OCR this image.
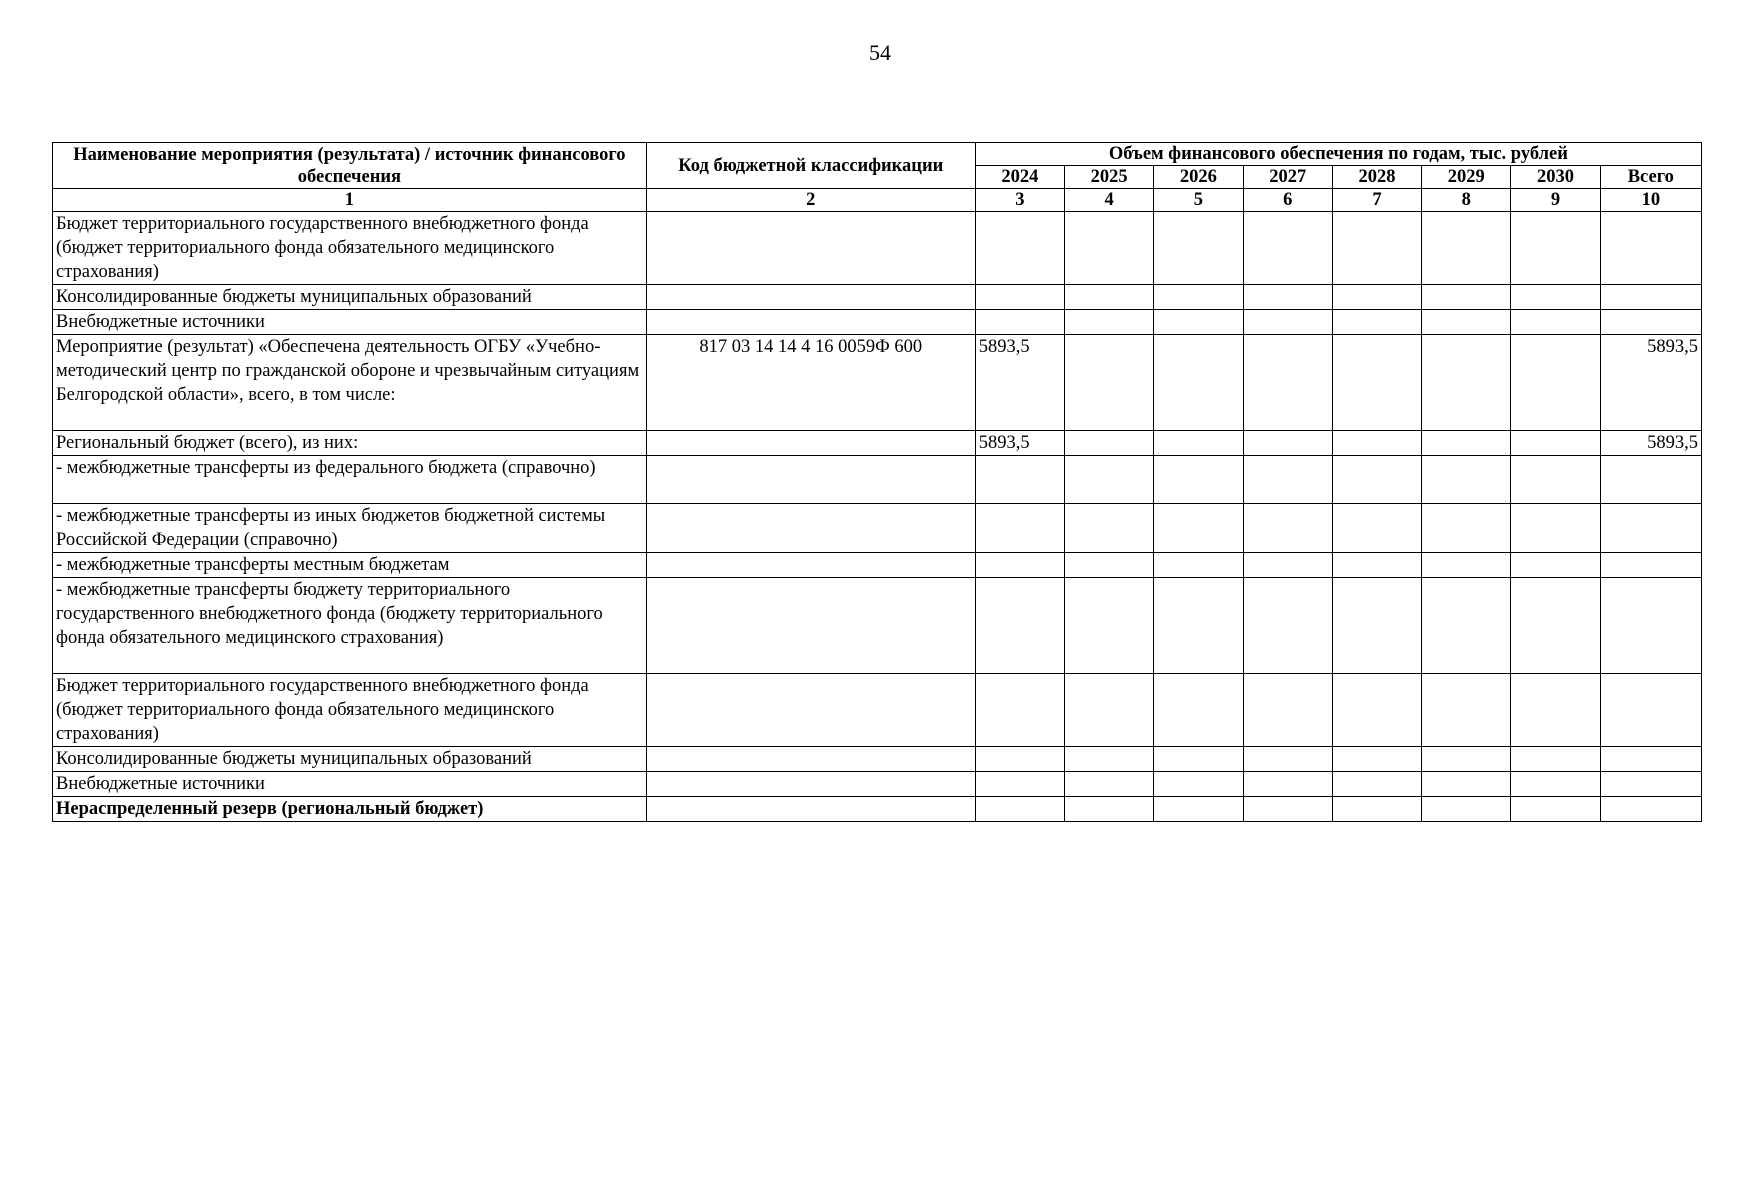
54
Наименование мероприятия (результата) / источник финансового обеспечения	Код бюджетной классификации	Объем финансового обеспечения по годам, тыс. рублей							
		2024	2025	2026	2027	2028	2029	2030	Всего
1	2	3	4	5	6	7	8	9	10
Бюджет территориального государственного внебюджетного фонда (бюджет территориального фонда обязательного медицинского страхования)									
Консолидированные бюджеты муниципальных образований									
Внебюджетные источники									
Мероприятие (результат) «Обеспечена деятельность ОГБУ «Учебно-методический центр по гражданской обороне и чрезвычайным ситуациям Белгородской области», всего, в том числе:	817 03 14 14 4 16 0059Ф 600	5893,5							5893,5
Региональный бюджет (всего), из них:		5893,5							5893,5
- межбюджетные трансферты из федерального бюджета (справочно)									
- межбюджетные трансферты из иных бюджетов бюджетной системы Российской Федерации (справочно)									
- межбюджетные трансферты местным бюджетам									
- межбюджетные трансферты бюджету территориального государственного внебюджетного фонда (бюджету территориального фонда обязательного медицинского страхования)									
Бюджет территориального государственного внебюджетного фонда (бюджет территориального фонда обязательного медицинского страхования)									
Консолидированные бюджеты муниципальных образований									
Внебюджетные источники									
Нераспределенный резерв (региональный бюджет)									
